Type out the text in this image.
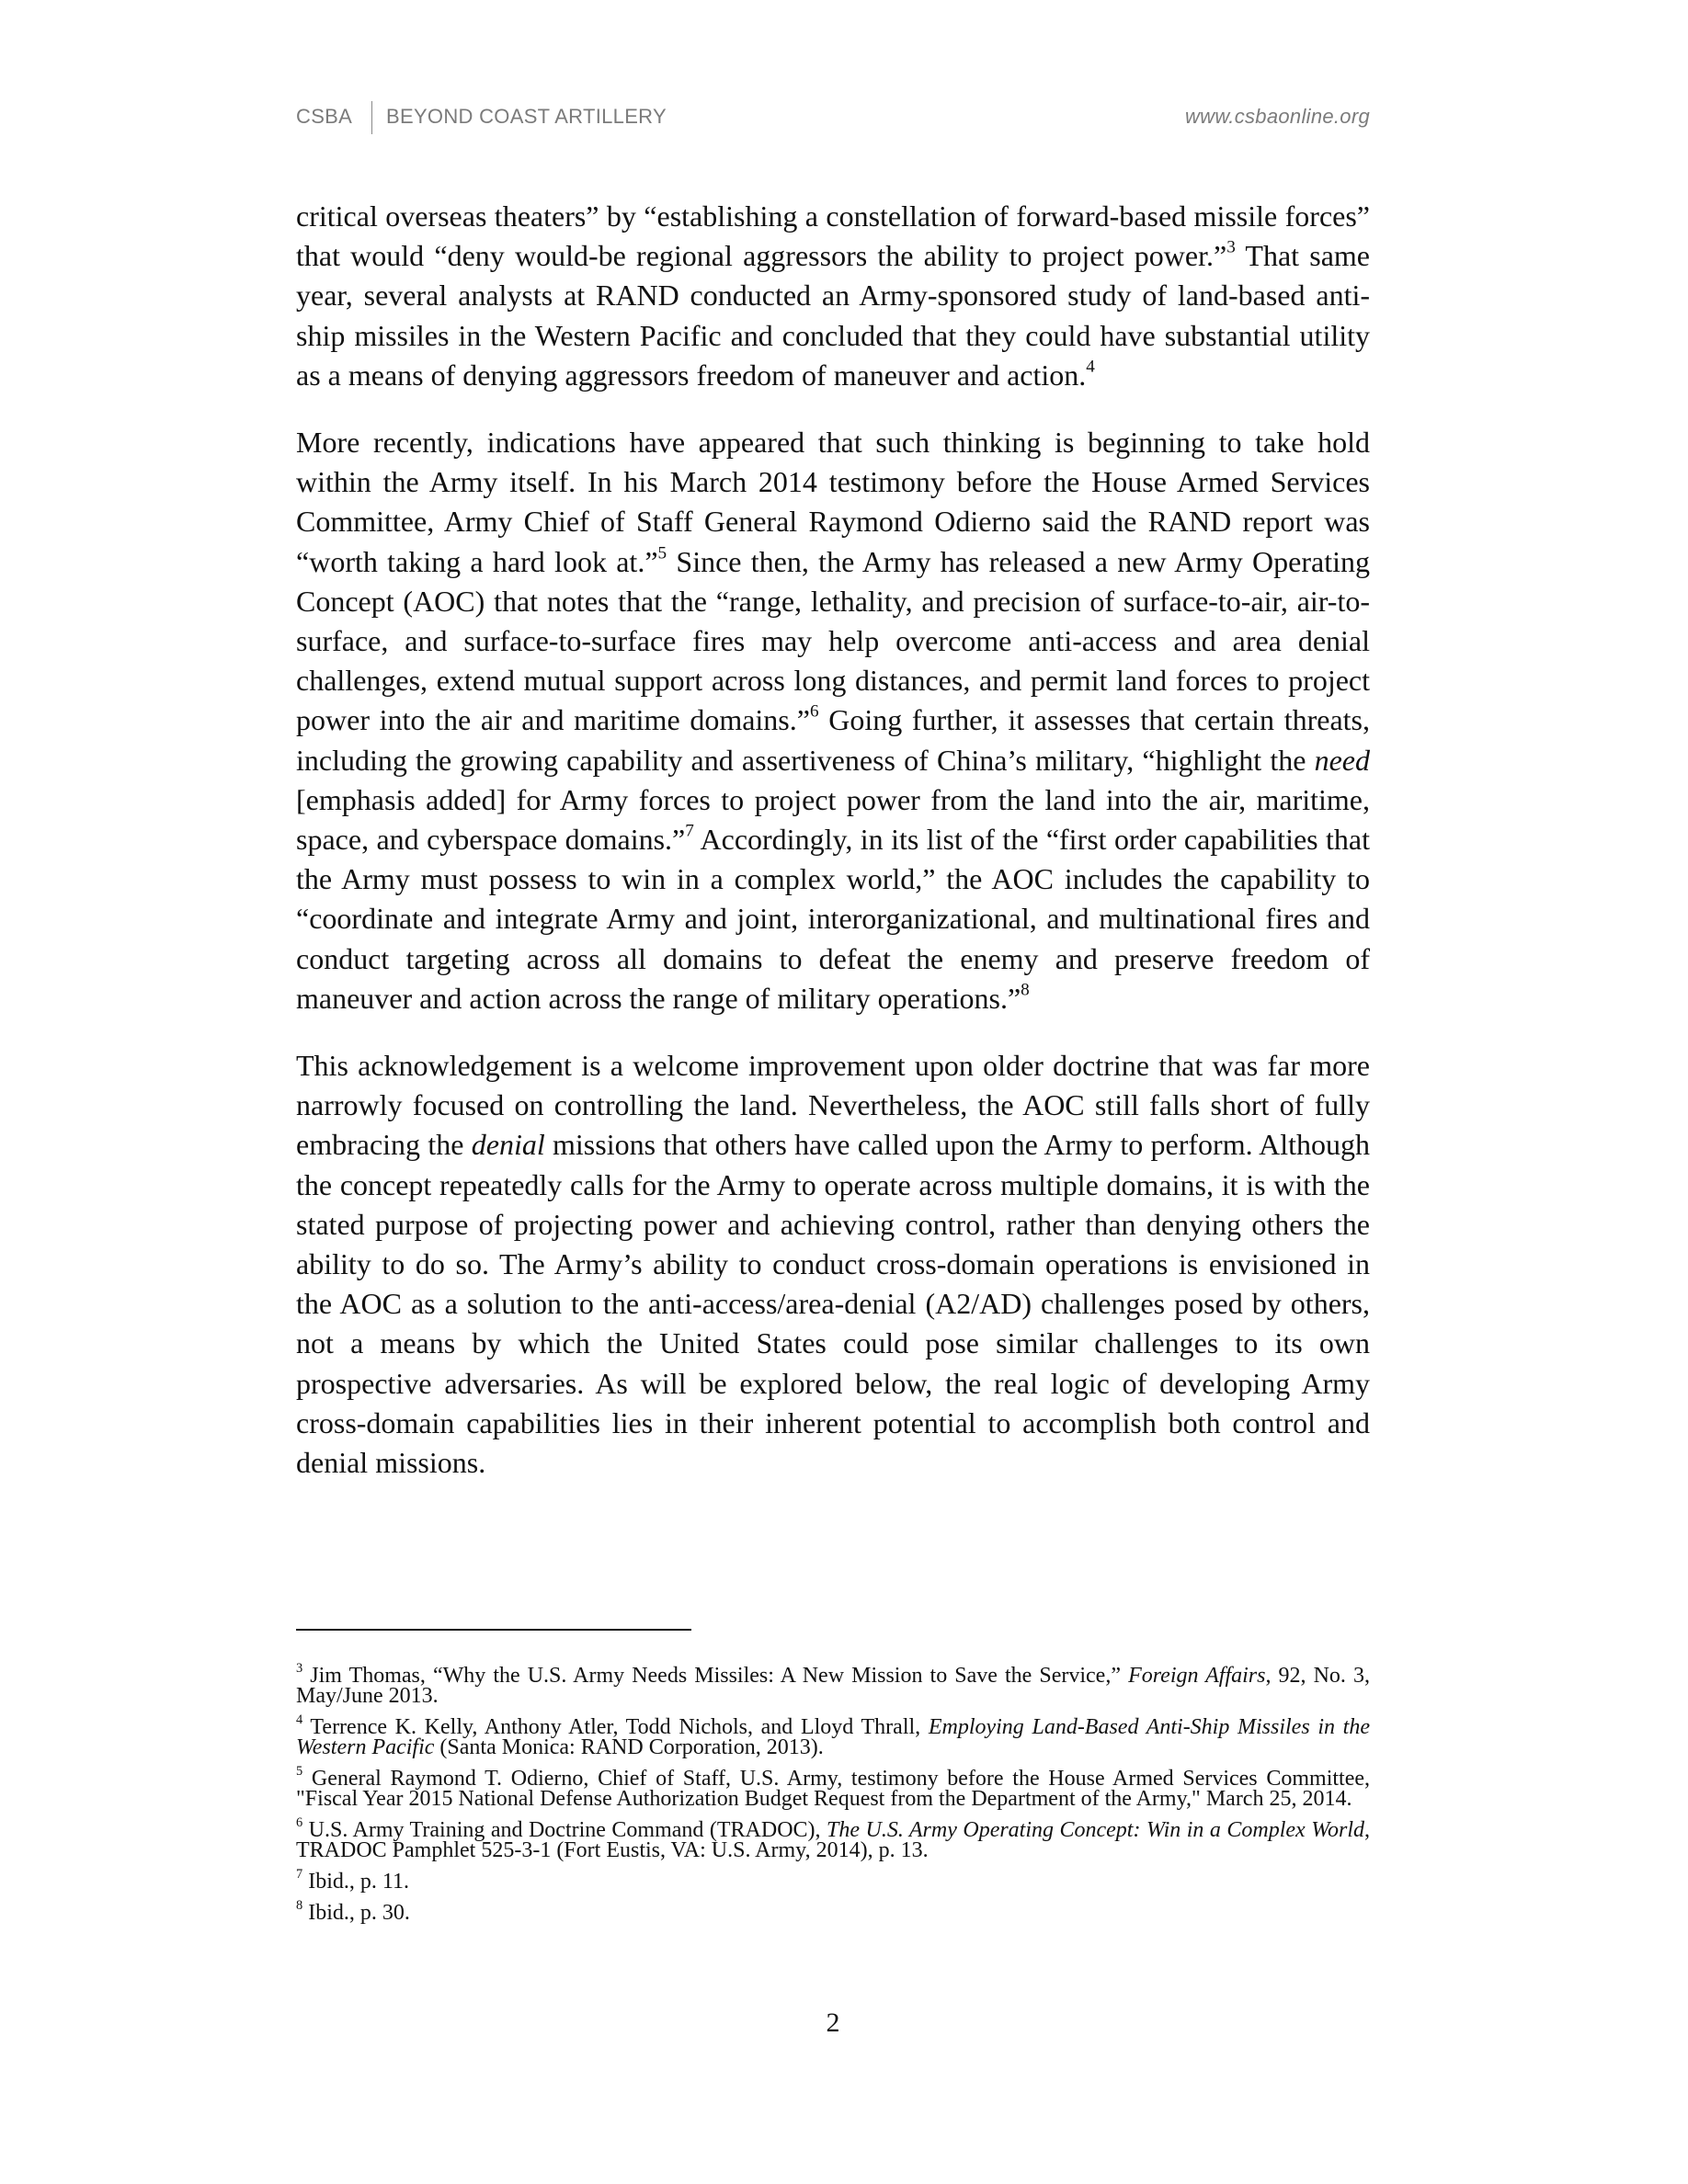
CSBA BEYOND COAST ARTILLERY	www.csbaonline.org

critical overseas theaters” by “establishing a constellation of forward-based missile forces” that would “deny would-be regional aggressors the ability to project power.”$^3$ That same year, several analysts at RAND conducted an Army-sponsored study of land-based anti-ship missiles in the Western Pacific and concluded that they could have substantial utility as a means of denying aggressors freedom of maneuver and action.$^4$

More recently, indications have appeared that such thinking is beginning to take hold within the Army itself. In his March 2014 testimony before the House Armed Services Committee, Army Chief of Staff General Raymond Odierno said the RAND report was “worth taking a hard look at.”$^5$ Since then, the Army has released a new Army Operating Concept (AOC) that notes that the “range, lethality, and precision of surface-to-air, air-to-surface, and surface-to-surface fires may help overcome anti-access and area denial challenges, extend mutual support across long distances, and permit land forces to project power into the air and maritime domains.”$^6$ Going further, it assesses that certain threats, including the growing capability and assertiveness of China’s military, “highlight the need [emphasis added] for Army forces to project power from the land into the air, maritime, space, and cyberspace domains.”$^7$ Accordingly, in its list of the “first order capabilities that the Army must possess to win in a complex world,” the AOC includes the capability to “coordinate and integrate Army and joint, interorganizational, and multinational fires and conduct targeting across all domains to defeat the enemy and preserve freedom of maneuver and action across the range of military operations.”$^8$

This acknowledgement is a welcome improvement upon older doctrine that was far more narrowly focused on controlling the land. Nevertheless, the AOC still falls short of fully embracing the denial missions that others have called upon the Army to perform. Although the concept repeatedly calls for the Army to operate across multiple domains, it is with the stated purpose of projecting power and achieving control, rather than denying others the ability to do so. The Army’s ability to conduct cross-domain operations is envisioned in the AOC as a solution to the anti-access/area-denial (A2/AD) challenges posed by others, not a means by which the United States could pose similar challenges to its own prospective adversaries. As will be explored below, the real logic of developing Army cross-domain capabilities lies in their inherent potential to accomplish both control and denial missions.

$^3$ Jim Thomas, “Why the U.S. Army Needs Missiles: A New Mission to Save the Service,” Foreign Affairs, 92, No. 3, May/June 2013.
$^4$ Terrence K. Kelly, Anthony Atler, Todd Nichols, and Lloyd Thrall, Employing Land-Based Anti-Ship Missiles in the Western Pacific (Santa Monica: RAND Corporation, 2013).
$^5$ General Raymond T. Odierno, Chief of Staff, U.S. Army, testimony before the House Armed Services Committee, "Fiscal Year 2015 National Defense Authorization Budget Request from the Department of the Army," March 25, 2014.
$^6$ U.S. Army Training and Doctrine Command (TRADOC), The U.S. Army Operating Concept: Win in a Complex World, TRADOC Pamphlet 525-3-1 (Fort Eustis, VA: U.S. Army, 2014), p. 13.
$^7$ Ibid., p. 11.
$^8$ Ibid., p. 30.
2
